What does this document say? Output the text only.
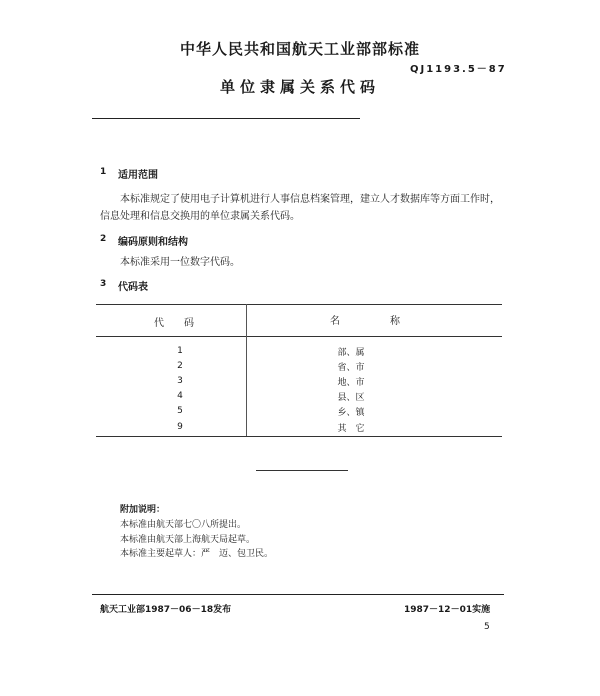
中华人民共和国航天工业部部标准
QJ1193.5－87
单位隶属关系代码
1 适用范围
本标准规定了使用电子计算机进行人事信息档案管理，建立人才数据库等方面工作时，
信息处理和信息交换用的单位隶属关系代码。
2 编码原则和结构
本标准采用一位数字代码。
3 代码表
代　　码	名　　　　　称
1	部、属
2	省、市
3	地、市
4	县、区
5	乡、镇
9	其　它
附加说明：
本标准由航天部七〇八所提出。
本标准由航天部上海航天局起草。
本标准主要起草人：严　迈、包卫民。
航天工业部1987－06－18发布	1987－12－01实施
5
